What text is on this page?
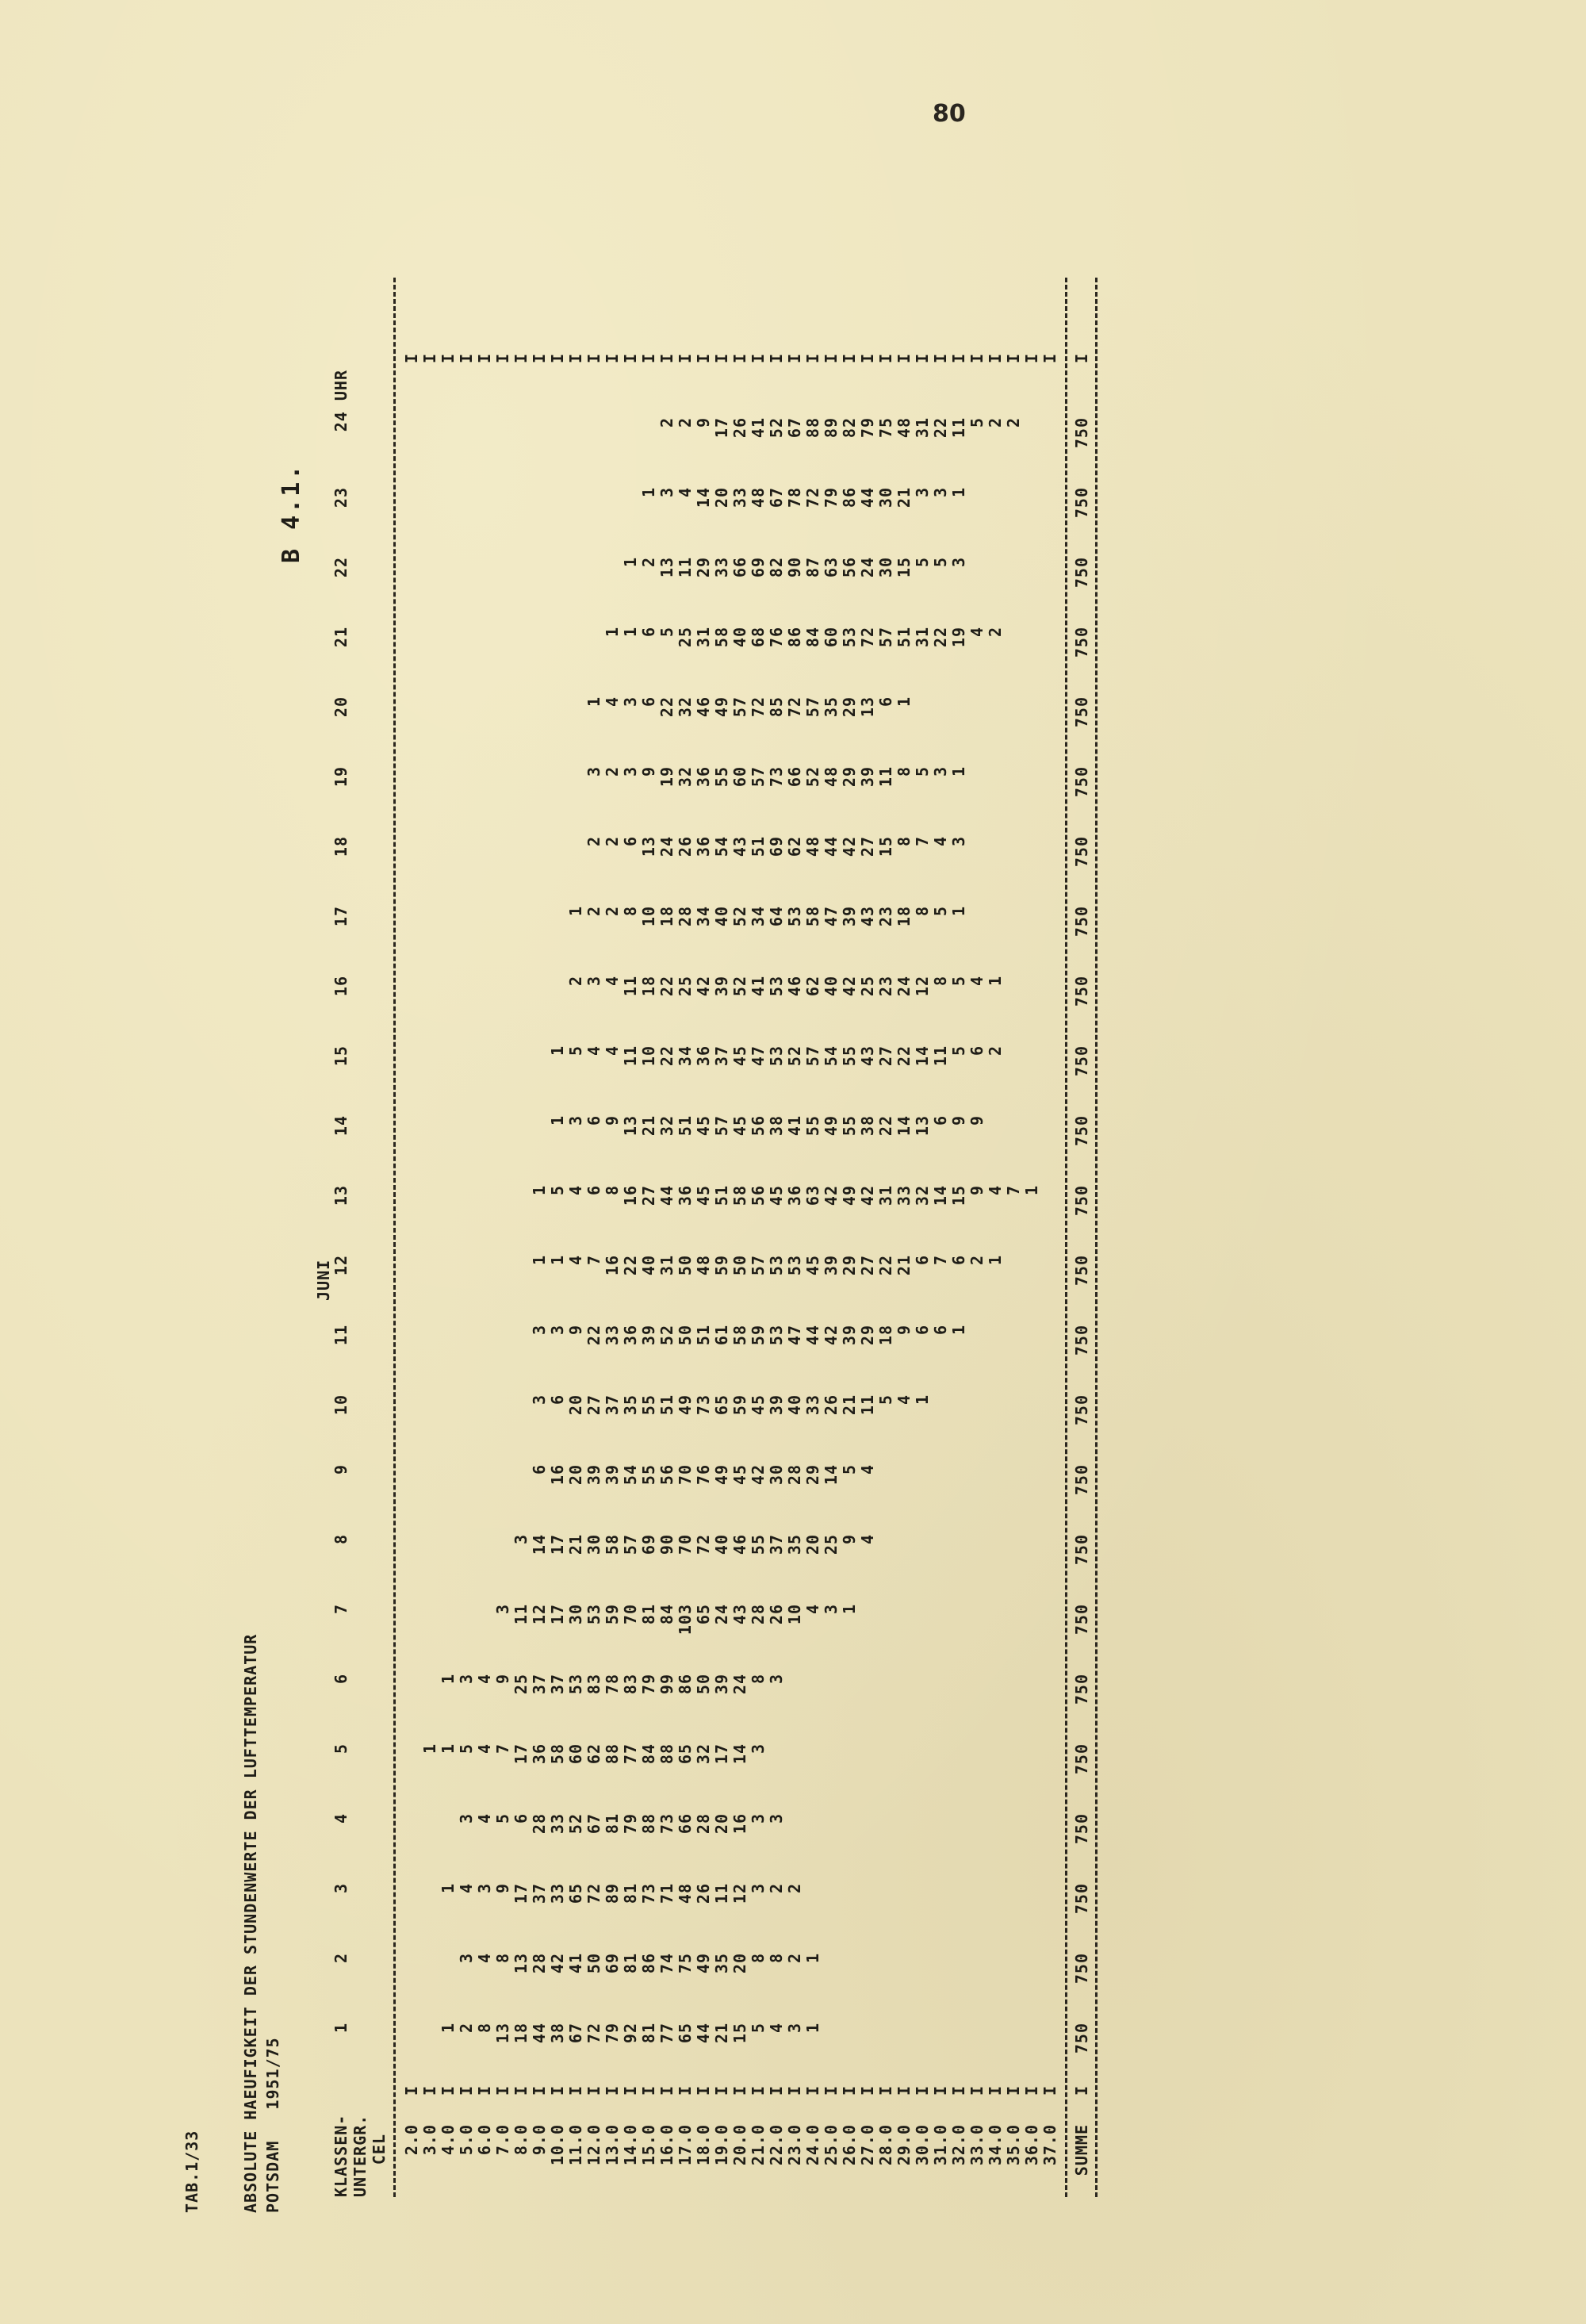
80
TAB.1/33	ABSOLUTE HAEUFIGKEIT DER STUNDENWERTE DER LUFTTEMPERATUR POTSDAM   1951/75
B 4.1.
JUNI
KLASSEN- UNTERGR. CEL
1
2
3
4
5
6
7
8
9
10
11
12
13
14
15
16
17
18
19
20
21
22
23
24 UHR
2.0
I
I
3.0
I
1
I
4.0
I
1
1
1
1
I
5.0
I
2
3
4
3
5
3
I
6.0
I
8
4
3
4
4
4
I
7.0
I
13
8
9
5
7
9
3
I
8.0
I
18
13
17
6
17
25
11
3
I
9.0
I
44
28
37
28
36
37
12
14
6
3
3
1
1
I
10.0
I
38
42
33
33
58
37
17
17
16
6
3
1
5
1
1
I
11.0
I
67
41
65
52
60
53
30
21
20
20
9
4
4
3
5
2
1
I
12.0
I
72
50
72
67
62
83
53
30
39
27
22
7
6
6
4
3
2
2
3
1
I
13.0
I
79
69
89
81
88
78
59
58
39
37
33
16
8
9
4
4
2
2
2
4
1
I
14.0
I
92
81
81
79
77
83
70
57
54
35
36
22
16
13
11
11
8
6
3
3
1
1
I
15.0
I
81
86
73
88
84
79
81
69
55
55
39
40
27
21
10
18
10
13
9
6
6
2
1
I
16.0
I
77
74
71
73
88
99
84
90
56
51
52
31
44
32
22
22
18
24
19
22
5
13
3
2
I
17.0
I
65
75
48
66
65
86
103
70
70
49
50
50
36
51
34
25
28
26
32
32
25
11
4
2
I
18.0
I
44
49
26
28
32
50
65
72
76
73
51
48
45
45
36
42
34
36
36
46
31
29
14
9
I
19.0
I
21
35
11
20
17
39
24
40
49
65
61
59
51
57
37
39
40
54
55
49
58
33
20
17
I
20.0
I
15
20
12
16
14
24
43
46
45
59
58
50
58
45
45
52
52
43
60
57
40
66
33
26
I
21.0
I
5
8
3
3
3
8
28
55
42
45
59
57
56
56
47
41
34
51
57
72
68
69
48
41
I
22.0
I
4
8
2
3
3
26
37
30
39
53
53
45
38
53
53
64
69
73
85
76
82
67
52
I
23.0
I
3
2
2
10
35
28
40
47
53
36
41
52
46
53
62
66
72
86
90
78
67
I
24.0
I
1
1
4
20
29
33
44
45
63
55
57
62
58
48
52
57
84
87
72
88
I
25.0
I
3
25
14
26
42
39
42
49
54
40
47
44
48
35
60
63
79
89
I
26.0
I
1
9
5
21
39
29
49
55
55
42
39
42
29
29
53
56
86
82
I
27.0
I
4
4
11
29
27
42
38
43
25
43
27
39
13
72
24
44
79
I
28.0
I
5
18
22
31
22
27
23
23
15
11
6
57
30
30
75
I
29.0
I
4
9
21
33
14
22
24
18
8
8
1
51
15
21
48
I
30.0
I
1
6
6
32
13
14
12
8
7
5
31
5
3
31
I
31.0
I
6
7
14
6
11
8
5
4
3
22
5
3
22
I
32.0
I
1
6
15
9
5
5
1
3
1
19
3
1
11
I
33.0
I
2
9
9
6
4
4
5
I
34.0
I
1
4
2
1
2
2
I
35.0
I
7
2
I
36.0
I
1
I
37.0
I
I
SUMME
I
750
750
750
750
750
750
750
750
750
750
750
750
750
750
750
750
750
750
750
750
750
750
750
750
I
